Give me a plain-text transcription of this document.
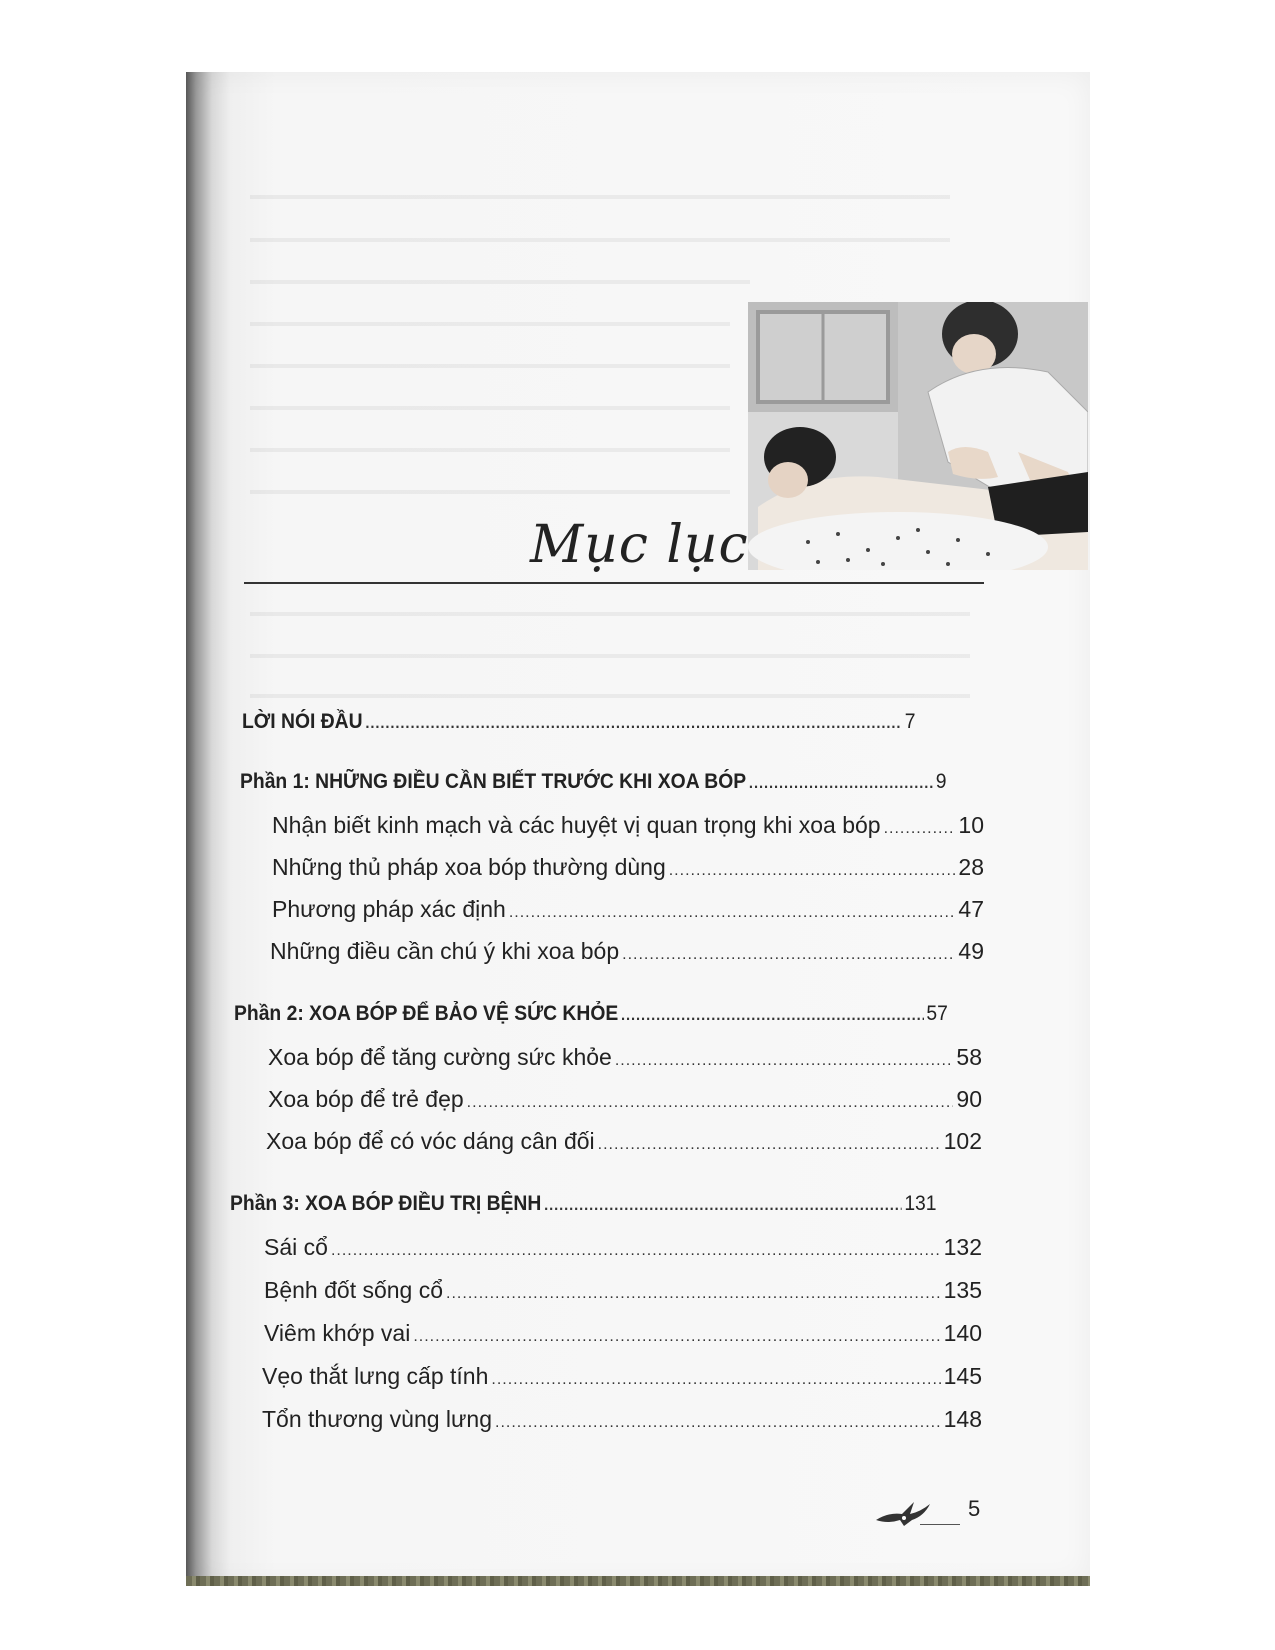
Mục lục
LỜI NÓI ĐẦU .....	7
Phần 1: NHỮNG ĐIỀU CẦN BIẾT TRƯỚC KHI XOA BÓP .....	9
Nhận biết kinh mạch và các huyệt vị quan trọng khi xoa bóp .....	10
Những thủ pháp xoa bóp thường dùng .....	28
Phương pháp xác định .....	47
Những điều cần chú ý khi xoa bóp .....	49
Phần 2: XOA BÓP ĐỂ BẢO VỆ SỨC KHỎE .....	57
Xoa bóp để tăng cường sức khỏe .....	58
Xoa bóp để trẻ đẹp .....	90
Xoa bóp để có vóc dáng cân đối .....	102
Phần 3: XOA BÓP ĐIỀU TRỊ BỆNH .....	131
Sái cổ .....	132
Bệnh đốt sống cổ .....	135
Viêm khớp vai .....	140
Vẹo thắt lưng cấp tính .....	145
Tổn thương vùng lưng .....	148
5
